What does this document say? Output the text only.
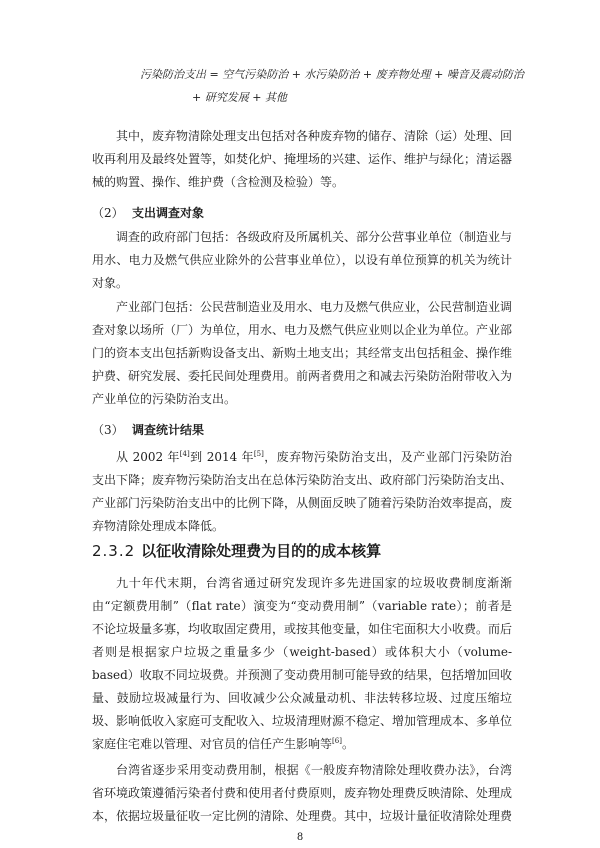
污染防治支出 = 空气污染防治 + 水污染防治 + 废弃物处理 + 噪音及震动防治
+ 研究发展 + 其他

其中，废弃物清除处理支出包括对各种废弃物的储存、清除（运）处理、回收再利用及最终处置等，如焚化炉、掩埋场的兴建、运作、维护与绿化；清运器械的购置、操作、维护费（含检测及检验）等。

（2） 支出调查对象

调查的政府部门包括：各级政府及所属机关、部分公营事业单位（制造业与用水、电力及燃气供应业除外的公营事业单位），以设有单位预算的机关为统计对象。

产业部门包括：公民营制造业及用水、电力及燃气供应业，公民营制造业调查对象以场所（厂）为单位，用水、电力及燃气供应业则以企业为单位。产业部门的资本支出包括新购设备支出、新购土地支出；其经常支出包括租金、操作维护费、研究发展、委托民间处理费用。前两者费用之和减去污染防治附带收入为产业单位的污染防治支出。

（3） 调查统计结果

从 2002 年[4]到 2014 年[5]，废弃物污染防治支出，及产业部门污染防治支出下降；废弃物污染防治支出在总体污染防治支出、政府部门污染防治支出、产业部门污染防治支出中的比例下降，从侧面反映了随着污染防治效率提高，废弃物清除处理成本降低。

2.3.2 以征收清除处理费为目的的成本核算

九十年代末期，台湾省通过研究发现许多先进国家的垃圾收费制度渐渐由“定额费用制”（flat rate）演变为“变动费用制”（variable rate）；前者是不论垃圾量多寡，均收取固定费用，或按其他变量，如住宅面积大小收费。而后者则是根据家户垃圾之重量多少（weight-based）或体积大小（volume-based）收取不同垃圾费。并预测了变动费用制可能导致的结果，包括增加回收量、鼓励垃圾减量行为、回收减少公众减量动机、非法转移垃圾、过度压缩垃圾、影响低收入家庭可支配收入、垃圾清理财源不稳定、增加管理成本、多单位家庭住宅难以管理、对官员的信任产生影响等[6]。

台湾省逐步采用变动费用制，根据《一般废弃物清除处理收费办法》，台湾省环境政策遵循污染者付费和使用者付费原则，废弃物处理费反映清除、处理成本，依据垃圾量征收一定比例的清除、处理费。其中，垃圾计量征收清除处理费

8
